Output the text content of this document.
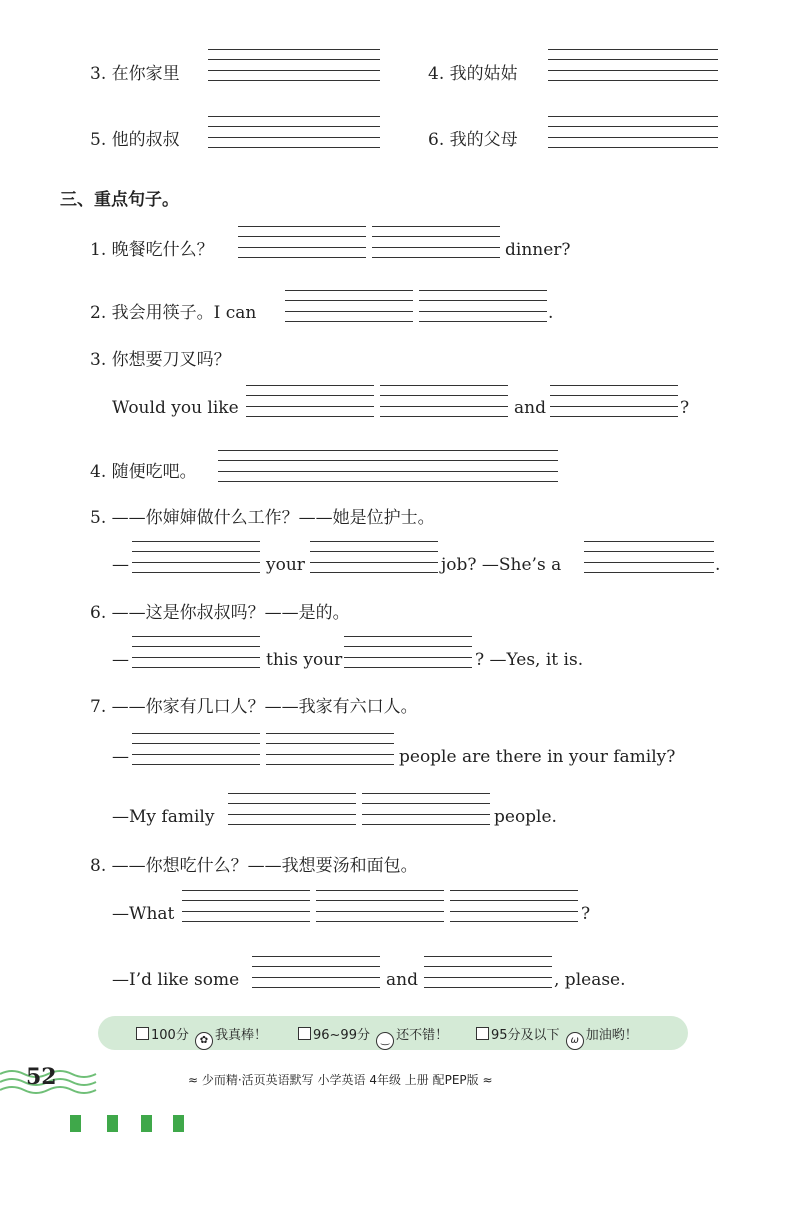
3. 在你家里	4. 我的姑姑
5. 他的叔叔	6. 我的父母
三、重点句子。
1. 晚餐吃什么？	dinner?
2. 我会用筷子。I can	.
3. 你想要刀叉吗？
Would you like	and	?
4. 随便吃吧。
5. ——你婶婶做什么工作？——她是位护士。
—	your	job? —She’s a	.
6. ——这是你叔叔吗？——是的。
—	this your	? —Yes, it is.
7. ——你家有几口人？——我家有六口人。
—	people are there in your family?
—My family	people.
8. ——你想吃什么？——我想要汤和面包。
—What	?
—I’d like some	and	, please.
100分 ✿ 我真棒！	96~99分 ‿ 还不错！	95分及以下 ω 加油哟！
52	≈ 少而精·活页英语默写 小学英语 4年级 上册 配PEP版 ≈
